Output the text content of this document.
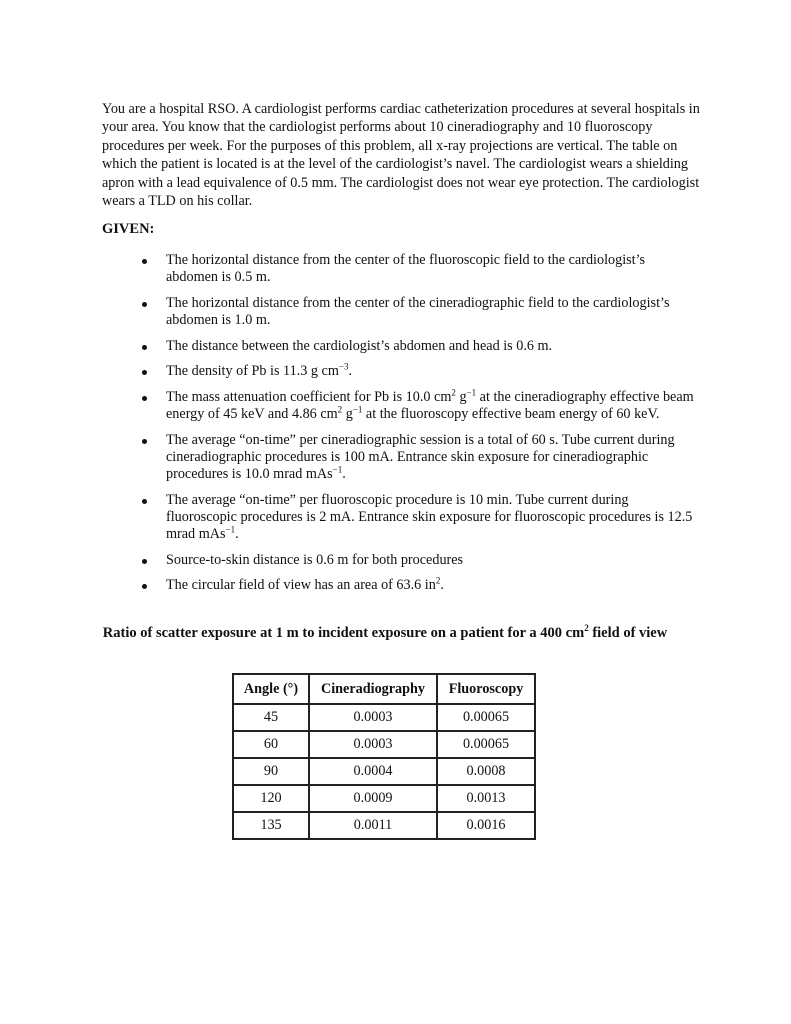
You are a hospital RSO. A cardiologist performs cardiac catheterization procedures at several hospitals in your area. You know that the cardiologist performs about 10 cineradiography and 10 fluoroscopy procedures per week. For the purposes of this problem, all x-ray projections are vertical. The table on which the patient is located is at the level of the cardiologist’s navel. The cardiologist wears a shielding apron with a lead equivalence of 0.5 mm. The cardiologist does not wear eye protection. The cardiologist wears a TLD on his collar.

GIVEN:

The horizontal distance from the center of the fluoroscopic field to the cardiologist’s abdomen is 0.5 m.
The horizontal distance from the center of the cineradiographic field to the cardiologist’s abdomen is 1.0 m.
The distance between the cardiologist’s abdomen and head is 0.6 m.
The density of Pb is 11.3 g $cm^{-3}$.
The mass attenuation coefficient for Pb is 10.0 $cm^2$ $g^{-1}$ at the cineradiography effective beam energy of 45 keV and 4.86 $cm^2$ $g^{-1}$ at the fluoroscopy effective beam energy of 60 keV.
The average “on-time” per cineradiographic session is a total of 60 s. Tube current during cineradiographic procedures is 100 mA. Entrance skin exposure for cineradiographic procedures is 10.0 mrad mAs$^{-1}$.
The average “on-time” per fluoroscopic procedure is 10 min. Tube current during fluoroscopic procedures is 2 mA. Entrance skin exposure for fluoroscopic procedures is 12.5 mrad mAs$^{-1}$.
Source-to-skin distance is 0.6 m for both procedures
The circular field of view has an area of 63.6 $in^2$.

Ratio of scatter exposure at 1 m to incident exposure on a patient for a 400 $cm^2$ field of view

Angle (°)	Cineradiography	Fluoroscopy
45	0.0003	0.00065
60	0.0003	0.00065
90	0.0004	0.0008
120	0.0009	0.0013
135	0.0011	0.0016
